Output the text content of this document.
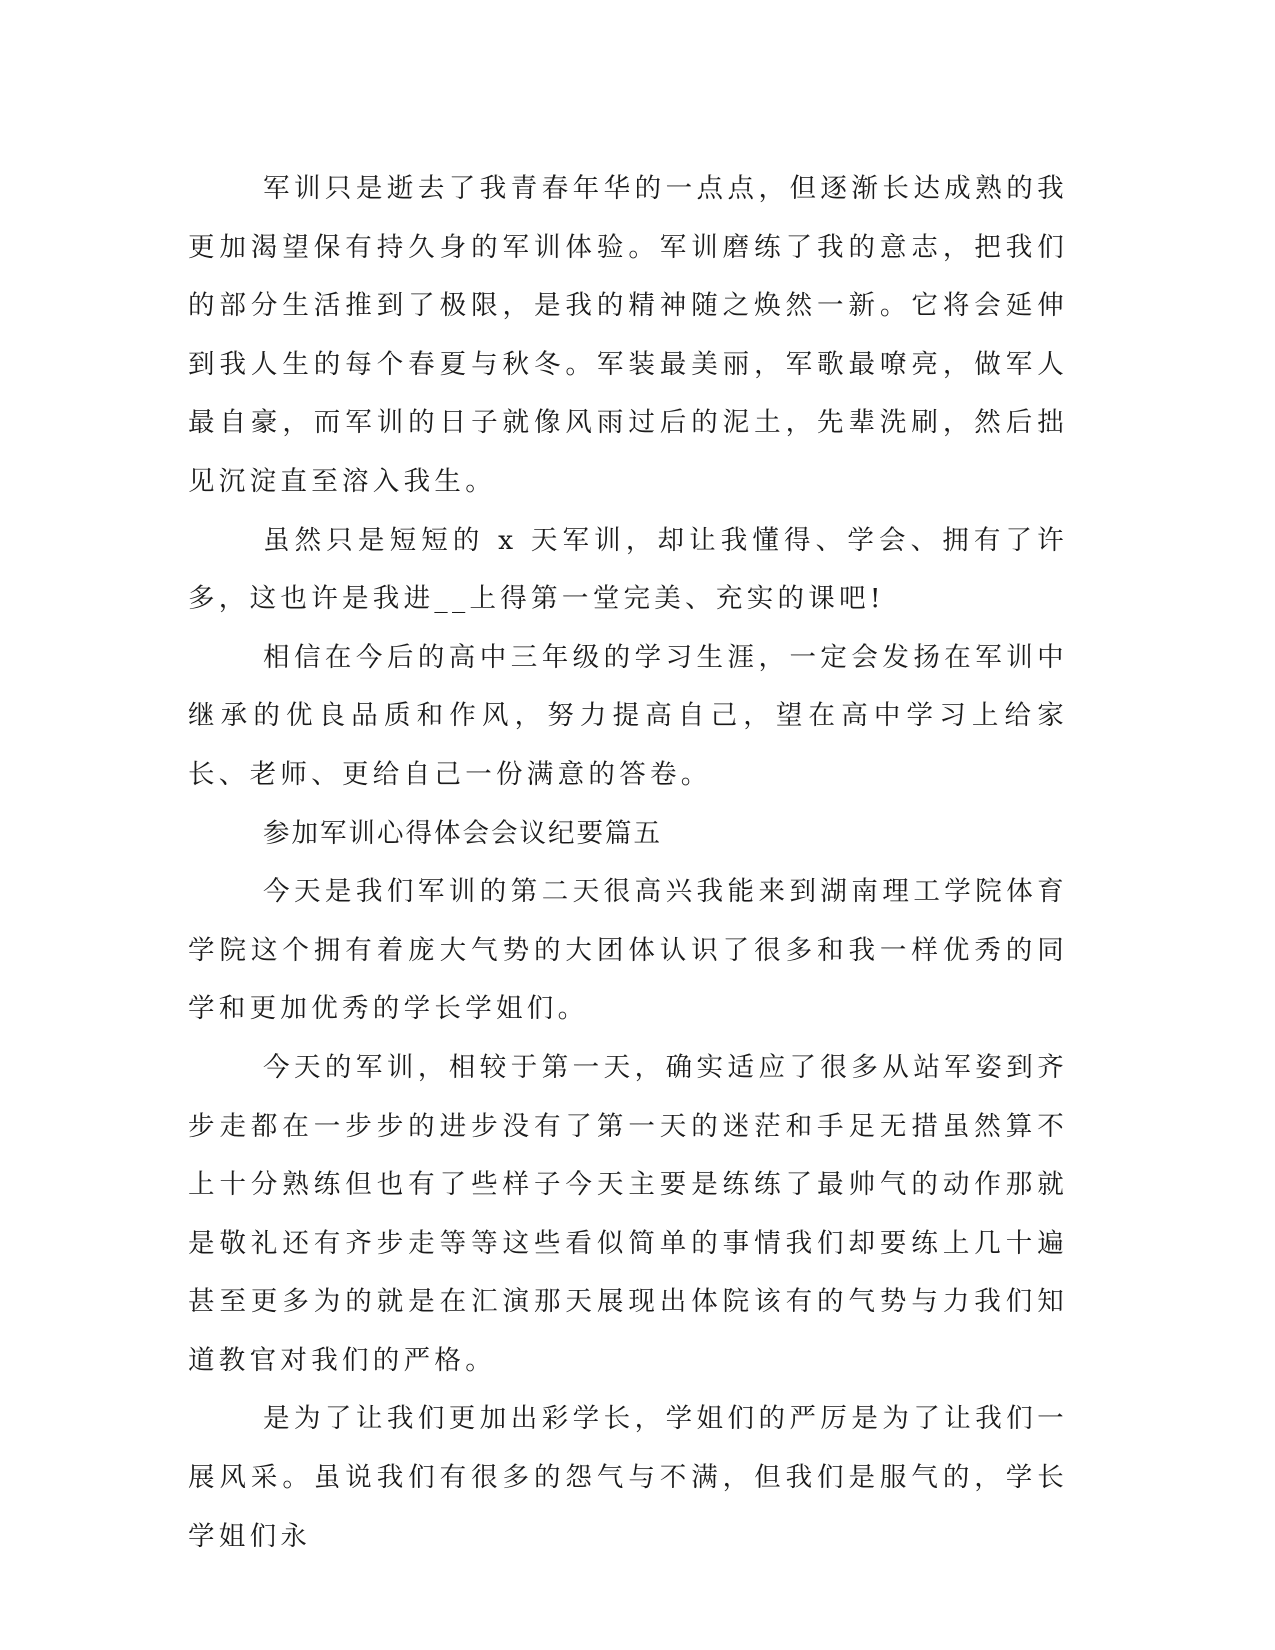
军训只是逝去了我青春年华的一点点，但逐渐长达成熟的我更加渴望保有持久身的军训体验。军训磨练了我的意志，把我们的部分生活推到了极限，是我的精神随之焕然一新。它将会延伸到我人生的每个春夏与秋冬。军装最美丽，军歌最嘹亮，做军人最自豪，而军训的日子就像风雨过后的泥土，先辈洗刷，然后拙见沉淀直至溶入我生。

虽然只是短短的 x 天军训，却让我懂得、学会、拥有了许多，这也许是我进__上得第一堂完美、充实的课吧!

相信在今后的高中三年级的学习生涯，一定会发扬在军训中继承的优良品质和作风，努力提高自己，望在高中学习上给家长、老师、更给自己一份满意的答卷。

参加军训心得体会会议纪要篇五

今天是我们军训的第二天很高兴我能来到湖南理工学院体育学院这个拥有着庞大气势的大团体认识了很多和我一样优秀的同学和更加优秀的学长学姐们。

今天的军训，相较于第一天，确实适应了很多从站军姿到齐步走都在一步步的进步没有了第一天的迷茫和手足无措虽然算不上十分熟练但也有了些样子今天主要是练练了最帅气的动作那就是敬礼还有齐步走等等这些看似简单的事情我们却要练上几十遍甚至更多为的就是在汇演那天展现出体院该有的气势与力我们知道教官对我们的严格。

是为了让我们更加出彩学长，学姐们的严厉是为了让我们一展风采。虽说我们有很多的怨气与不满，但我们是服气的，学长学姐们永
